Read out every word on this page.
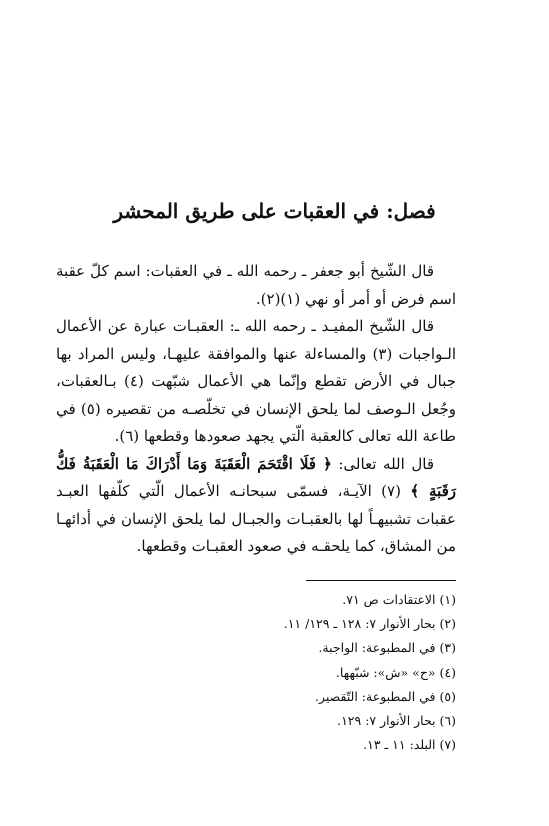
فصل: في العقبات على طريق المحشر

قال الشّيخ أبو جعفر ـ رحمه الله ـ في العقبات: اسم كلّ عقبة اسم فرض أو أمر أو نهي (١)(٢).

قال الشّيخ المفيـد ـ رحمه الله ـ: العقبـات عبارة عن الأعمال الـواجبات (٣) والمساءلة عنها والموافقة عليهـا، وليس المراد بها جبال في الأرض تقطع وإنّما هي الأعمال شبّهت (٤) بـالعقبات، وجُعل الـوصف لما يلحق الإنسان في تخلّصـه من تقصيره (٥) في طاعة الله تعالى كالعقبة الّتي يجهد صعودها وقطعها (٦).

قال الله تعالى: ﴿ فَلَا اقْتَحَمَ الْعَقَبَةَ وَمَا أَدْرَاكَ مَا الْعَقَبَةُ فَكُّ رَقَبَةٍ ﴾ (٧) الآيـة، فسمّى سبحانـه الأعمال الّتي كلّفها العبـد عقبات تشبيهـاً لها بالعقبـات والجبـال لما يلحق الإنسان في أدائهـا من المشاق، كما يلحقـه في صعود العقبـات وقطعها.

(١) الاعتقادات ص ٧١.

(٢) بحار الأنوار ٧: ١٢٨ ـ ١٢٩/ ١١.

(٣) في المطبوعة: الواجبة.

(٤) «ح» «ش»: شبّهها.

(٥) في المطبوعة: التّقصير.

(٦) بحار الأنوار ٧: ١٢٩.

(٧) البلد: ١١ ـ ١٣.
